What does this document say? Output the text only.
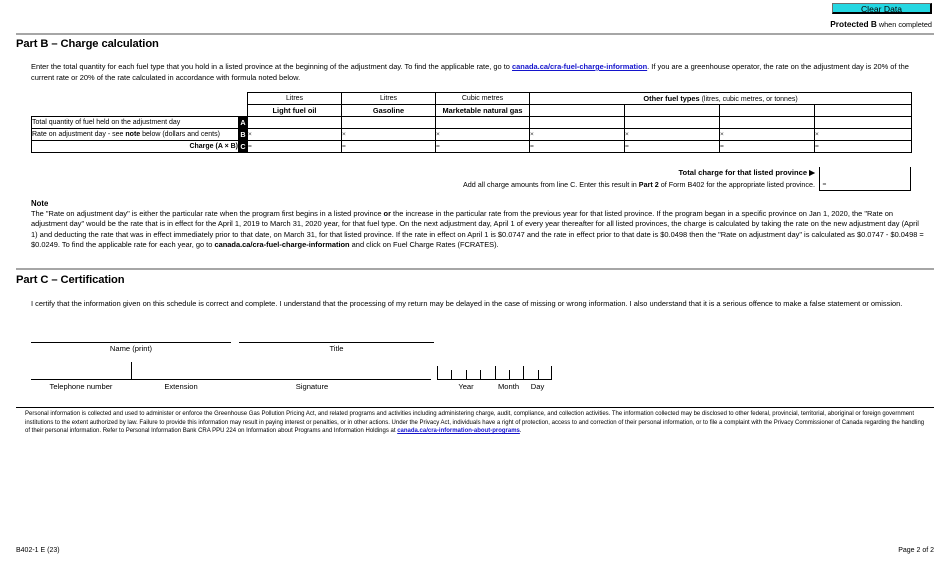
Clear Data
Protected B when completed
Part B – Charge calculation
Enter the total quantity for each fuel type that you hold in a listed province at the beginning of the adjustment day. To find the applicable rate, go to canada.ca/cra-fuel-charge-information. If you are a greenhouse operator, the rate on the adjustment day is 20% of the current rate or 20% of the rate calculated in accordance with formula noted below.
		Litres	Litres	Cubic metres	Other fuel types (litres, cubic metres, or tonnes)			
		Light fuel oil	Gasoline	Marketable natural gas				
Total quantity of fuel held on the adjustment day	A							
Rate on adjustment day - see note below (dollars and cents)	B	×	×	×	×	×	×	×
Charge (A × B)	C	=	=	=	=	=	=	=
Total charge for that listed province ▶
Add all charge amounts from line C. Enter this result in Part 2 of Form B402 for the appropriate listed province.	=
Note
The "Rate on adjustment day" is either the particular rate when the program first begins in a listed province or the increase in the particular rate from the previous year for that listed province. If the program began in a specific province on Jan 1, 2020, the "Rate on adjustment day" would be the rate that is in effect for the April 1, 2019 to March 31, 2020 year, for that fuel type. On the next adjustment day, April 1 of every year thereafter for all listed provinces, the charge is calculated by taking the rate on the new adjustment day (April 1) and deducting the rate that was in effect immediately prior to that date, on March 31, for that listed province. If the rate in effect on April 1 is $0.0747 and the rate in effect prior to that date is $0.0498 then the "Rate on adjustment day" is calculated as $0.0747 - $0.0498 = $0.0249. To find the applicable rate for each year, go to canada.ca/cra-fuel-charge-information and click on Fuel Charge Rates (FCRATES).
Part C – Certification
I certify that the information given on this schedule is correct and complete. I understand that the processing of my return may be delayed in the case of missing or wrong information. I also understand that it is a serious offence to make a false statement or omission.
Name (print)	Title
Telephone number	Extension	Signature	Year	Month	Day
Personal information is collected and used to administer or enforce the Greenhouse Gas Pollution Pricing Act, and related programs and activities including administering charge, audit, compliance, and collection activities. The information collected may be disclosed to other federal, provincial, territorial, aboriginal or foreign government institutions to the extent authorized by law. Failure to provide this information may result in paying interest or penalties, or in other actions. Under the Privacy Act, individuals have a right of protection, access to and correction of their personal information, or to file a complaint with the Privacy Commissioner of Canada regarding the handling of their personal information. Refer to Personal Information Bank CRA PPU 224 on Information about Programs and Information Holdings at canada.ca/cra-information-about-programs.
B402-1 E (23)	Page 2 of 2
